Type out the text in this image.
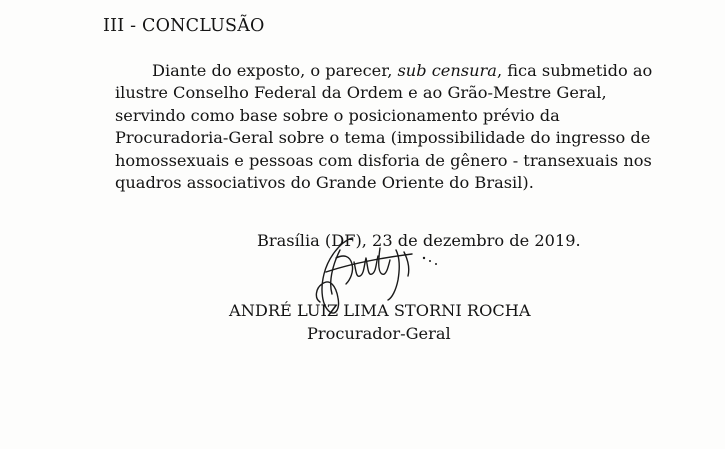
III - CONCLUSÃO
Diante do exposto, o parecer, sub censura, fica submetido ao
ilustre Conselho Federal da Ordem e ao Grão-Mestre Geral,
servindo como base sobre o posicionamento prévio da
Procuradoria-Geral sobre o tema (impossibilidade do ingresso de
homossexuais e pessoas com disforia de gênero - transexuais nos
quadros associativos do Grande Oriente do Brasil).
Brasília (DF), 23 de dezembro de 2019.
ANDRÉ LUIZ LIMA STORNI ROCHA
Procurador-Geral
